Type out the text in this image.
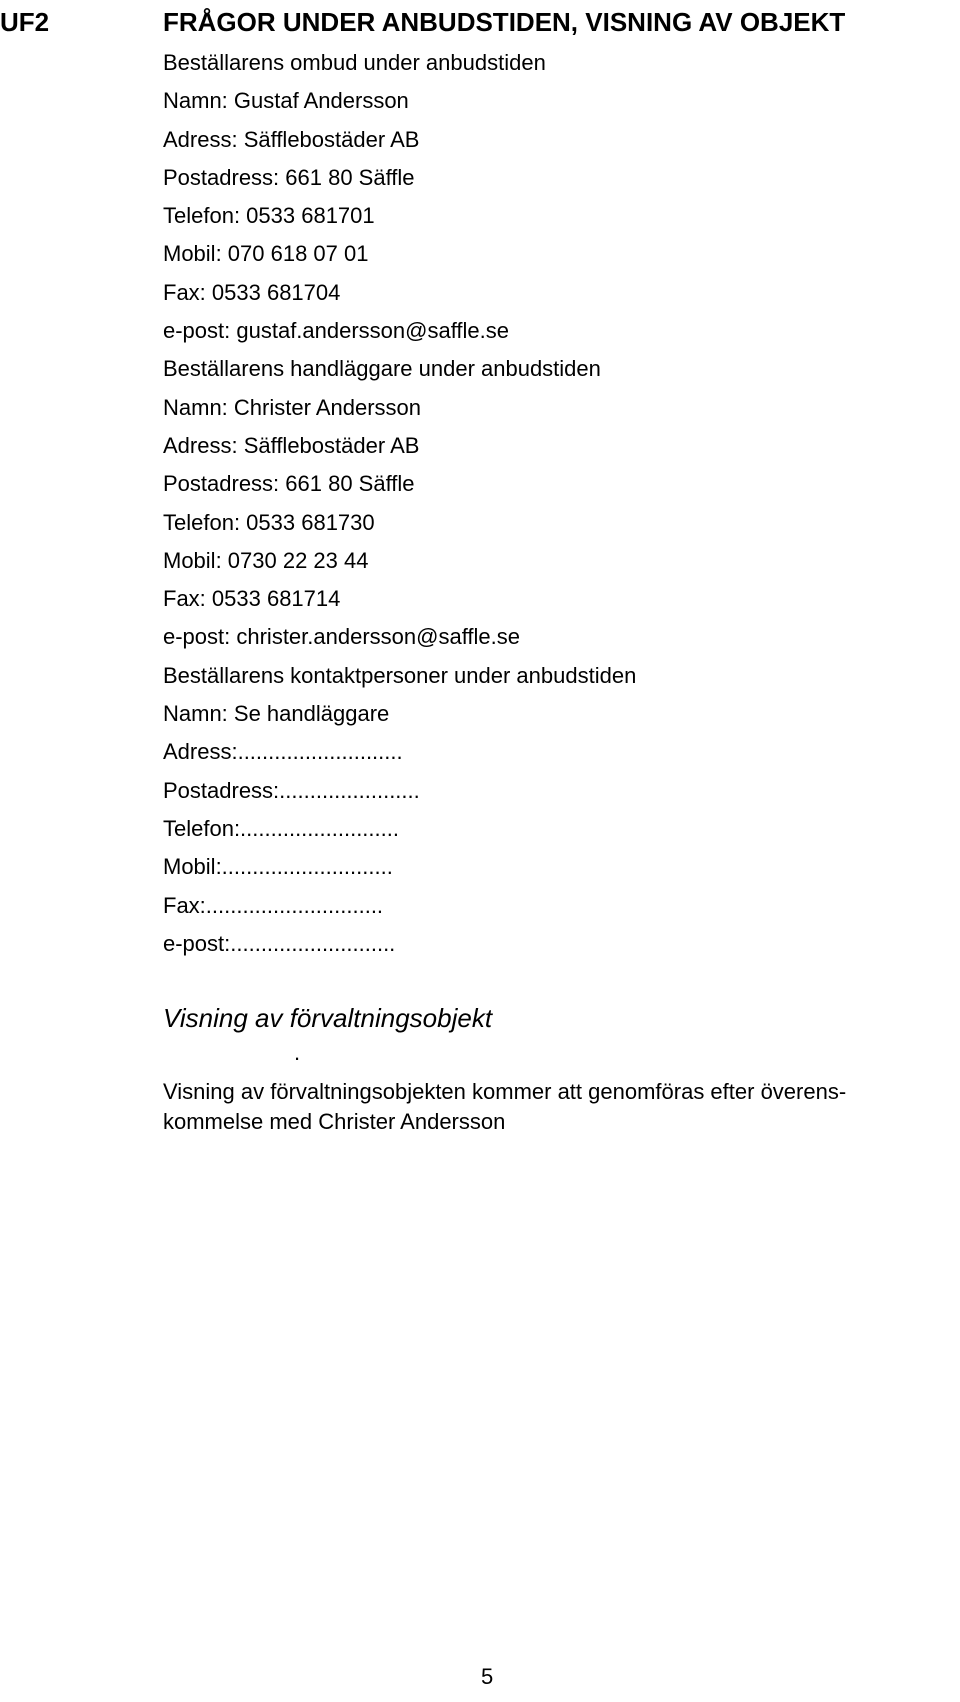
UF2	FRÅGOR UNDER ANBUDSTIDEN, VISNING AV OBJEKT
Beställarens ombud under anbudstiden
Namn: Gustaf Andersson
Adress: Säfflebostäder AB
Postadress: 661 80 Säffle
Telefon: 0533 681701
Mobil: 070 618 07 01
Fax: 0533 681704
e-post: gustaf.andersson@saffle.se
Beställarens handläggare under anbudstiden
Namn: Christer Andersson
Adress: Säfflebostäder AB
Postadress: 661 80 Säffle
Telefon: 0533 681730
Mobil: 0730 22 23 44
Fax: 0533 681714
e-post: christer.andersson@saffle.se
Beställarens kontaktpersoner under anbudstiden
Namn: Se handläggare
Adress:...........................
Postadress:.......................
Telefon:..........................
Mobil:............................
Fax:.............................
e-post:...........................
Visning av förvaltningsobjekt
.
Visning av förvaltningsobjekten kommer att genomföras efter överens-
kommelse med Christer Andersson
5
